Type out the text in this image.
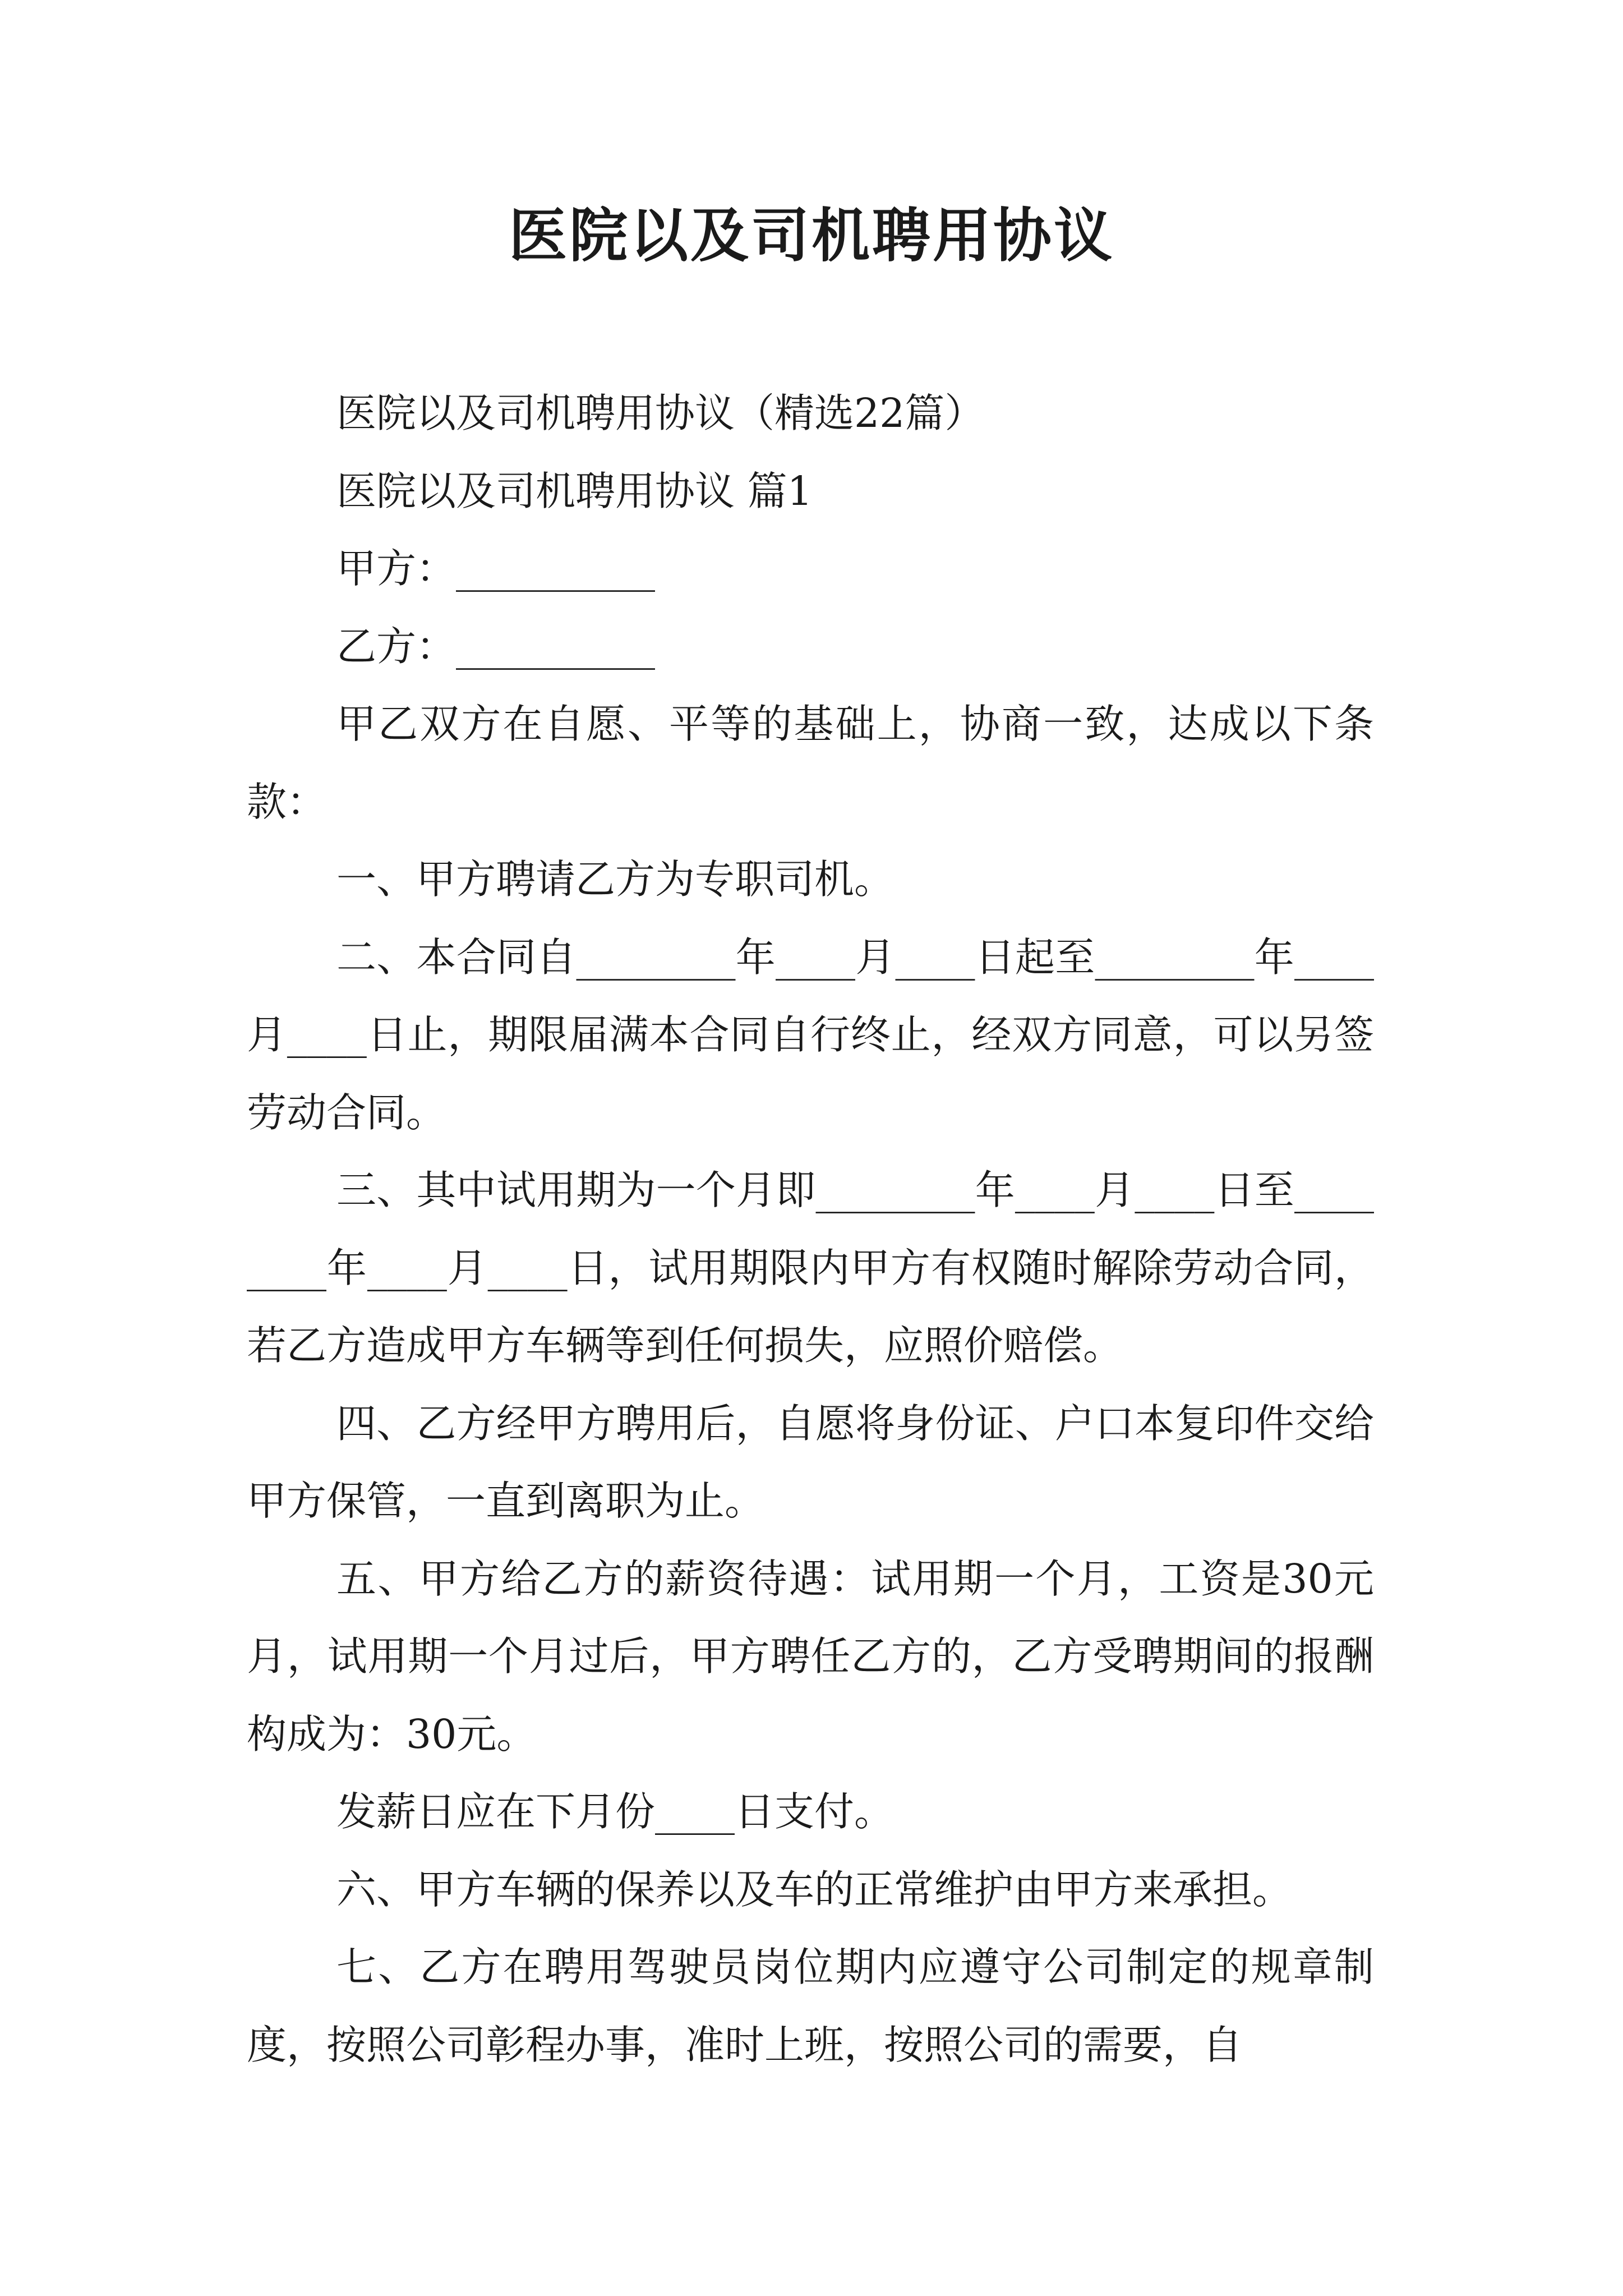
医院以及司机聘用协议

医院以及司机聘用协议（精选22篇）

医院以及司机聘用协议 篇1

甲方：__________

乙方：__________

甲乙双方在自愿、平等的基础上，协商一致，达成以下条款：

一、甲方聘请乙方为专职司机。

二、本合同自________年____月____日起至________年____月____日止，期限届满本合同自行终止，经双方同意，可以另签劳动合同。

三、其中试用期为一个月即________年____月____日至________年____月____日，试用期限内甲方有权随时解除劳动合同，若乙方造成甲方车辆等到任何损失，应照价赔偿。

四、乙方经甲方聘用后，自愿将身份证、户口本复印件交给甲方保管，一直到离职为止。

五、甲方给乙方的薪资待遇：试用期一个月，工资是30元月，试用期一个月过后，甲方聘任乙方的，乙方受聘期间的报酬构成为：30元。

发薪日应在下月份____日支付。

六、甲方车辆的保养以及车的正常维护由甲方来承担。

七、乙方在聘用驾驶员岗位期内应遵守公司制定的规章制度，按照公司彰程办事，准时上班，按照公司的需要，自
